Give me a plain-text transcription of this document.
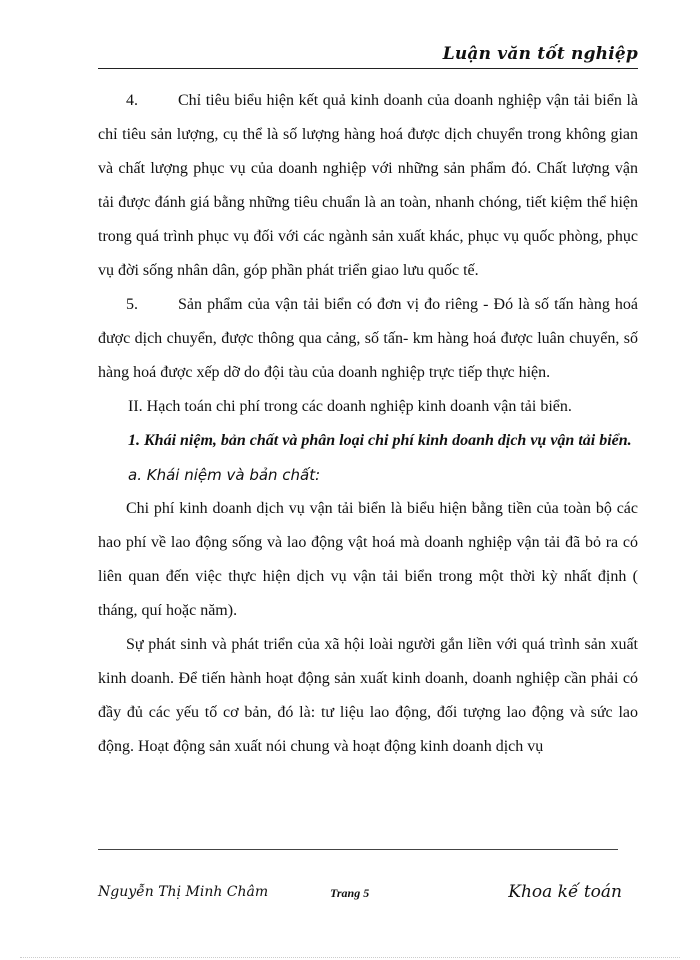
Luận văn tốt nghiệp

4.	Chỉ tiêu biểu hiện kết quả kinh doanh của doanh nghiệp vận tải biển là chỉ tiêu sản lượng, cụ thể là số lượng hàng hoá được dịch chuyển trong không gian và chất lượng phục vụ của doanh nghiệp với những sản phẩm đó. Chất lượng vận tải được đánh giá bằng những tiêu chuẩn là an toàn, nhanh chóng, tiết kiệm thể hiện trong quá trình phục vụ đối với các ngành sản xuất khác, phục vụ quốc phòng, phục vụ đời sống nhân dân, góp phần phát triển giao lưu quốc tế.

5.	Sản phẩm của vận tải biển có đơn vị đo riêng - Đó là số tấn hàng hoá được dịch chuyển, được thông qua cảng, số tấn- km hàng hoá được luân chuyển, số hàng hoá được xếp dỡ do đội tàu của doanh nghiệp trực tiếp thực hiện.

II. Hạch toán chi phí trong các doanh nghiệp kinh doanh vận tải biển.

1. Khái niệm, bản chất và phân loại chi phí kinh doanh dịch vụ vận tải biển.

a. Khái niệm và bản chất:

Chi phí kinh doanh dịch vụ vận tải biển là biểu hiện bằng tiền của toàn bộ các hao phí về lao động sống và lao động vật hoá mà doanh nghiệp vận tải đã bỏ ra có liên quan đến việc thực hiện dịch vụ vận tải biển trong một thời kỳ nhất định ( tháng, quí hoặc năm).

Sự phát sinh và phát triển của xã hội loài người gắn liền với quá trình sản xuất kinh doanh. Để tiến hành hoạt động sản xuất kinh doanh, doanh nghiệp cần phải có đầy đủ các yếu tố cơ bản, đó là: tư liệu lao động, đối tượng lao động và sức lao động. Hoạt động sản xuất nói chung và hoạt động kinh doanh dịch vụ

Nguyễn Thị Minh Châm	Trang 5	Khoa kế toán
